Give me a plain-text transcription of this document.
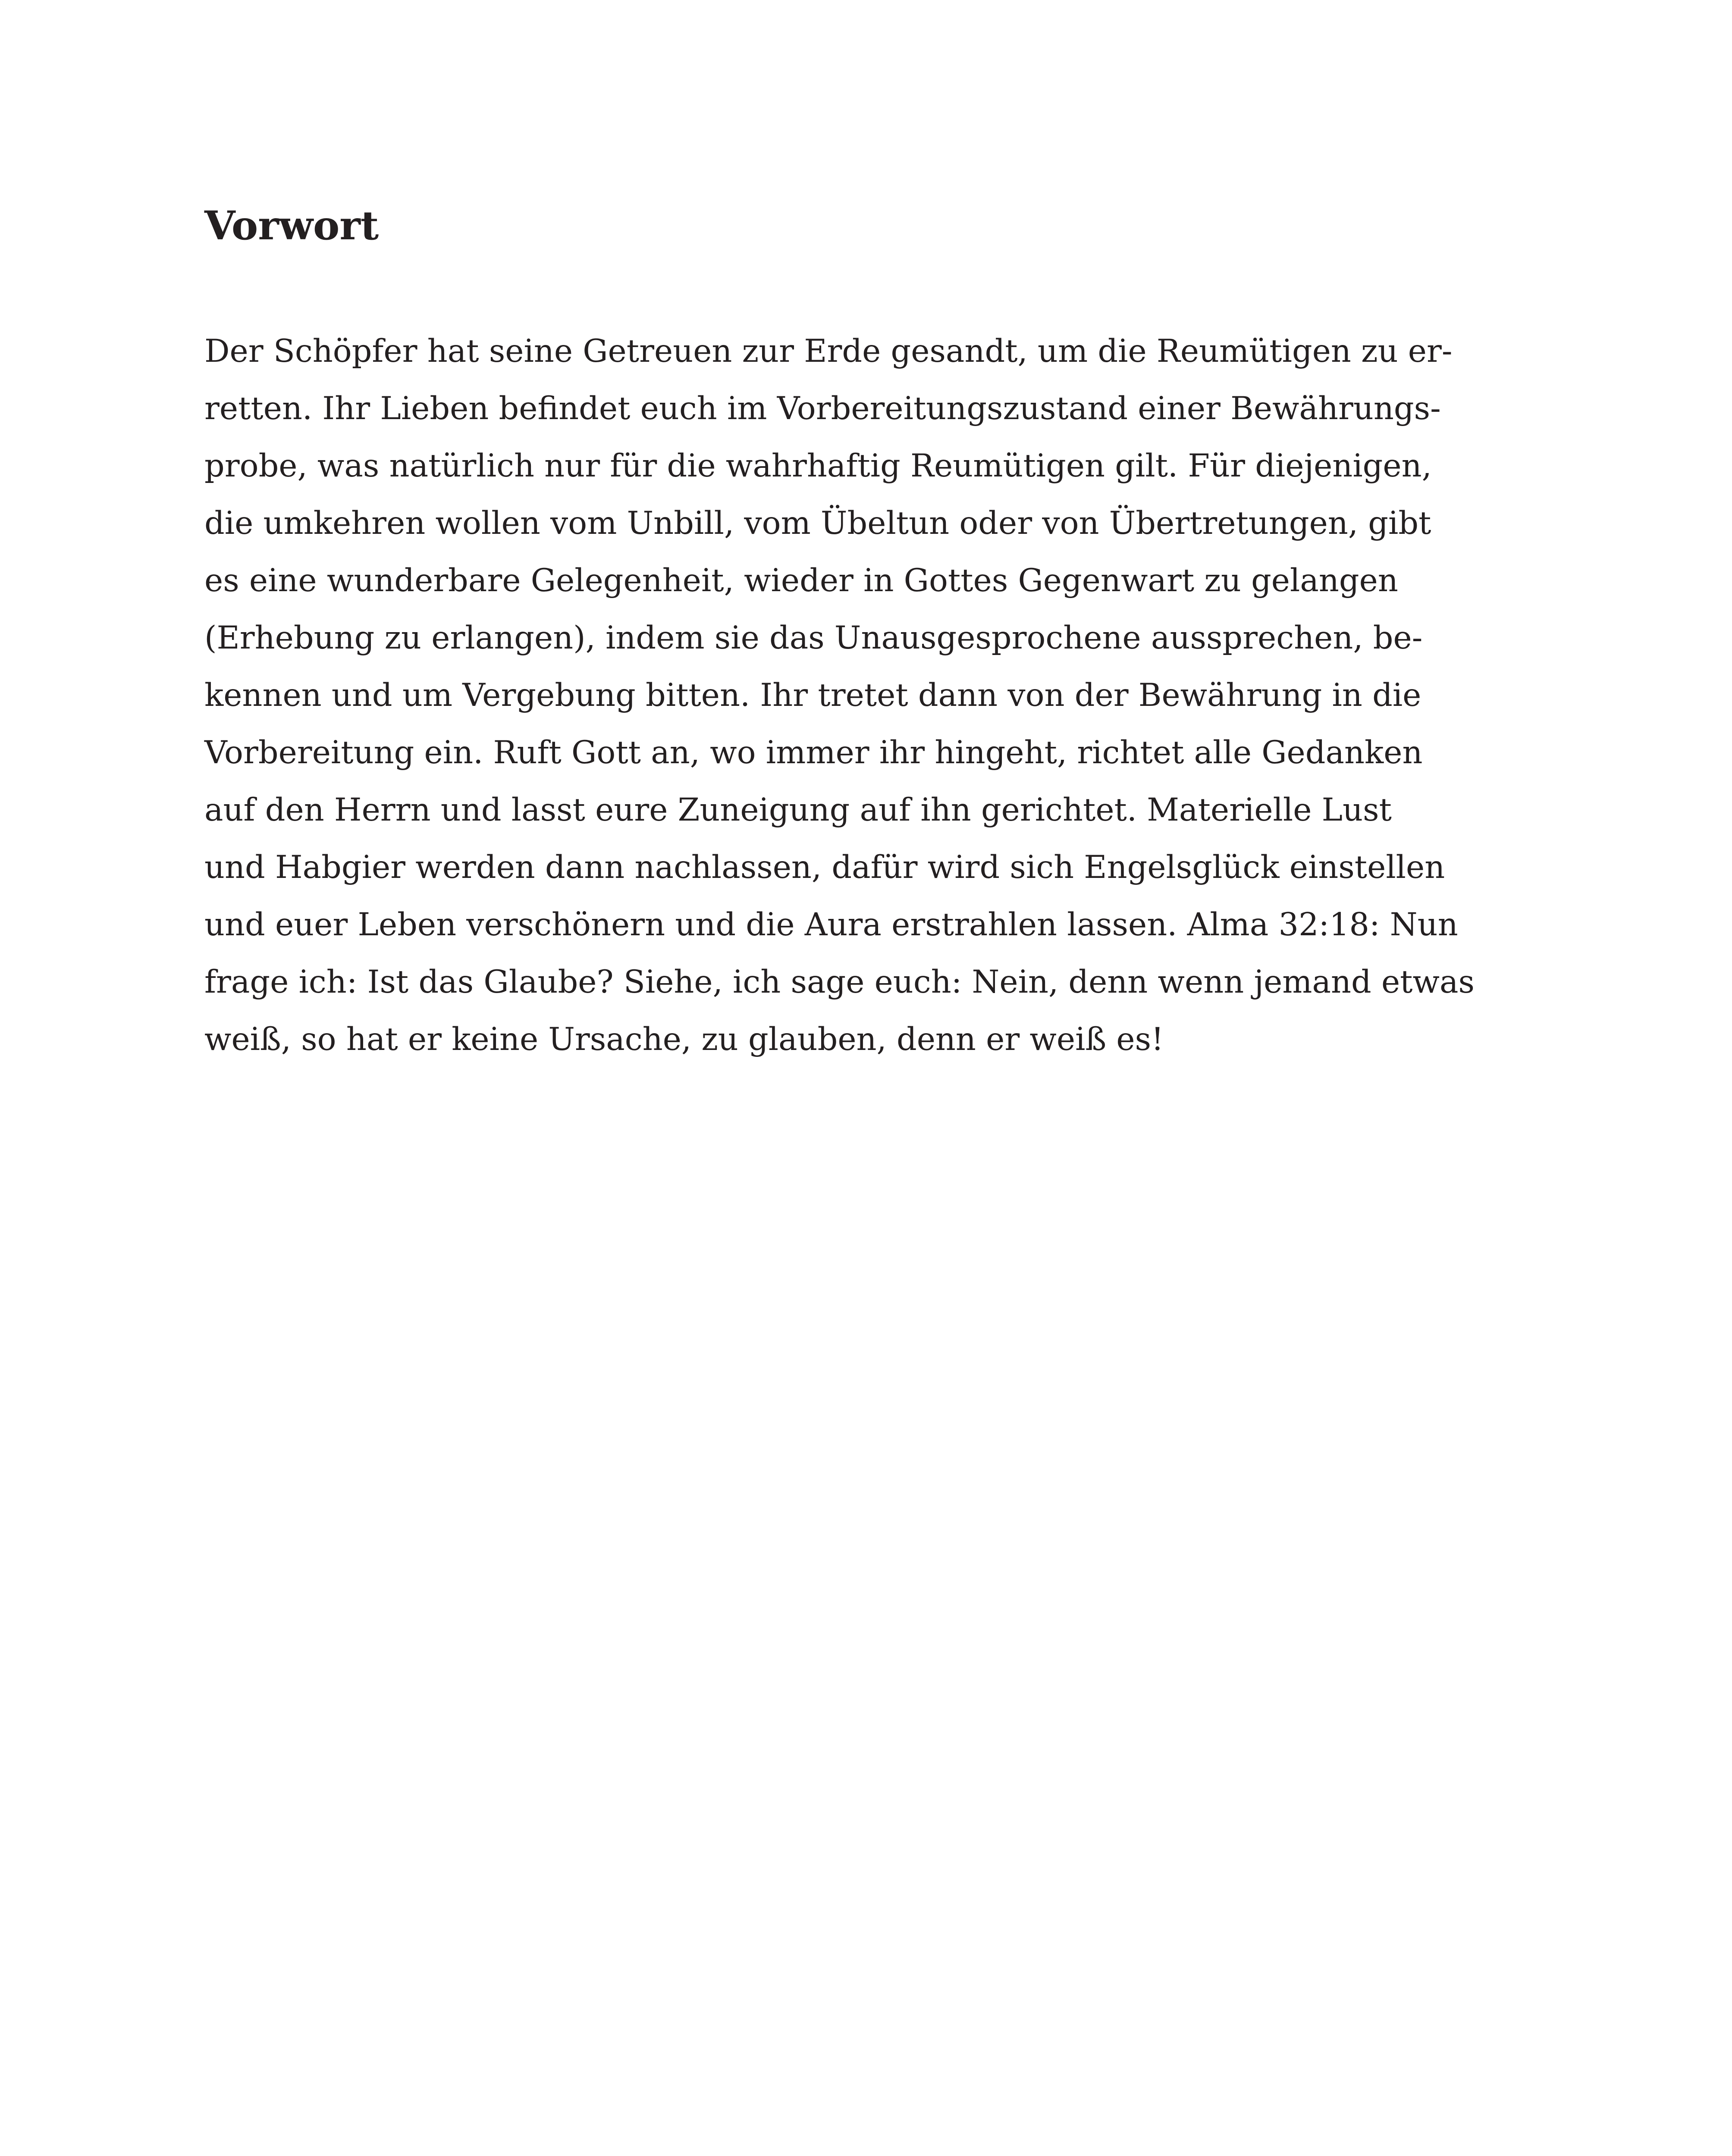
Vorwort
Der Schöpfer hat seine Getreuen zur Erde gesandt, um die Reumütigen zu er-
retten. Ihr Lieben befindet euch im Vorbereitungszustand einer Bewährungs-
probe, was natürlich nur für die wahrhaftig Reumütigen gilt. Für diejenigen,
die umkehren wollen vom Unbill, vom Übeltun oder von Übertretungen, gibt
es eine wunderbare Gelegenheit, wieder in Gottes Gegenwart zu gelangen
(Erhebung zu erlangen), indem sie das Unausgesprochene aussprechen, be-
kennen und um Vergebung bitten. Ihr tretet dann von der Bewährung in die
Vorbereitung ein. Ruft Gott an, wo immer ihr hingeht, richtet alle Gedanken
auf den Herrn und lasst eure Zuneigung auf ihn gerichtet. Materielle Lust
und Habgier werden dann nachlassen, dafür wird sich Engelsglück einstellen
und euer Leben verschönern und die Aura erstrahlen lassen. Alma 32:18: Nun
frage ich: Ist das Glaube? Siehe, ich sage euch: Nein, denn wenn jemand etwas
weiß, so hat er keine Ursache, zu glauben, denn er weiß es!
